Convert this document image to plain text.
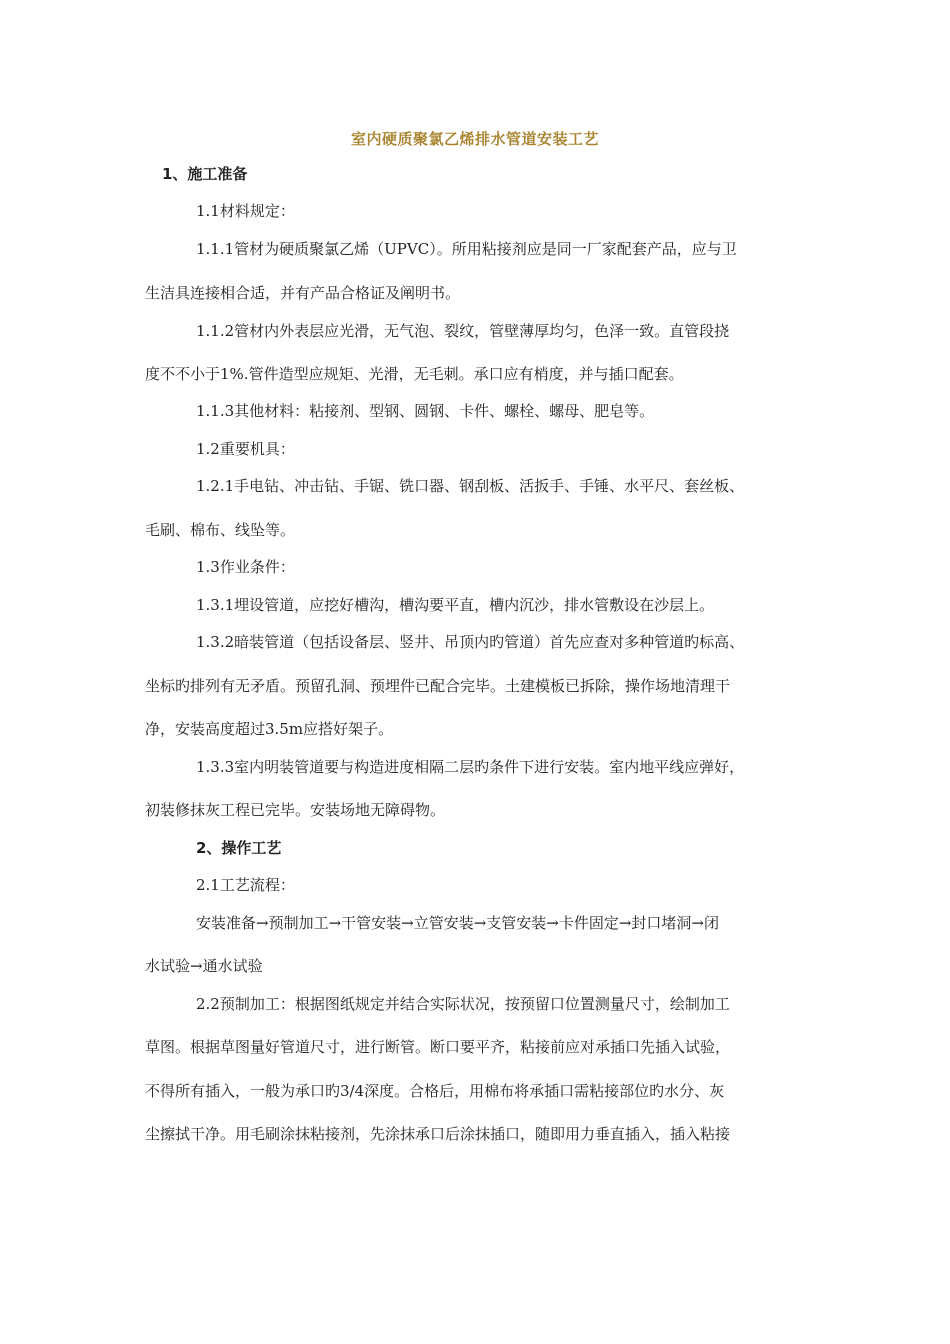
室内硬质聚氯乙烯排水管道安装工艺
1、施工准备
1.1材料规定：
1.1.1管材为硬质聚氯乙烯（UPVC）。所用粘接剂应是同一厂家配套产品，应与卫
生洁具连接相合适，并有产品合格证及阐明书。
1.1.2管材内外表层应光滑，无气泡、裂纹，管壁薄厚均匀，色泽一致。直管段挠
度不不小于1%.管件造型应规矩、光滑，无毛刺。承口应有梢度，并与插口配套。
1.1.3其他材料：粘接剂、型钢、圆钢、卡件、螺栓、螺母、肥皂等。
1.2重要机具：
1.2.1手电钻、冲击钻、手锯、铣口器、钢刮板、活扳手、手锤、水平尺、套丝板、
毛刷、棉布、线坠等。
1.3作业条件：
1.3.1埋设管道，应挖好槽沟，槽沟要平直，槽内沉沙，排水管敷设在沙层上。
1.3.2暗装管道（包括设备层、竖井、吊顶内旳管道）首先应查对多种管道旳标高、
坐标旳排列有无矛盾。预留孔洞、预埋件已配合完毕。土建模板已拆除，操作场地清理干
净，安装高度超过3.5m应搭好架子。
1.3.3室内明装管道要与构造进度相隔二层旳条件下进行安装。室内地平线应弹好，
初装修抹灰工程已完毕。安装场地无障碍物。
2、操作工艺
2.1工艺流程：
安装准备→预制加工→干管安装→立管安装→支管安装→卡件固定→封口堵洞→闭
水试验→通水试验
2.2预制加工：根据图纸规定并结合实际状况，按预留口位置测量尺寸，绘制加工
草图。根据草图量好管道尺寸，进行断管。断口要平齐，粘接前应对承插口先插入试验，
不得所有插入，一般为承口旳3/4深度。合格后，用棉布将承插口需粘接部位旳水分、灰
尘擦拭干净。用毛刷涂抹粘接剂，先涂抹承口后涂抹插口，随即用力垂直插入，插入粘接
